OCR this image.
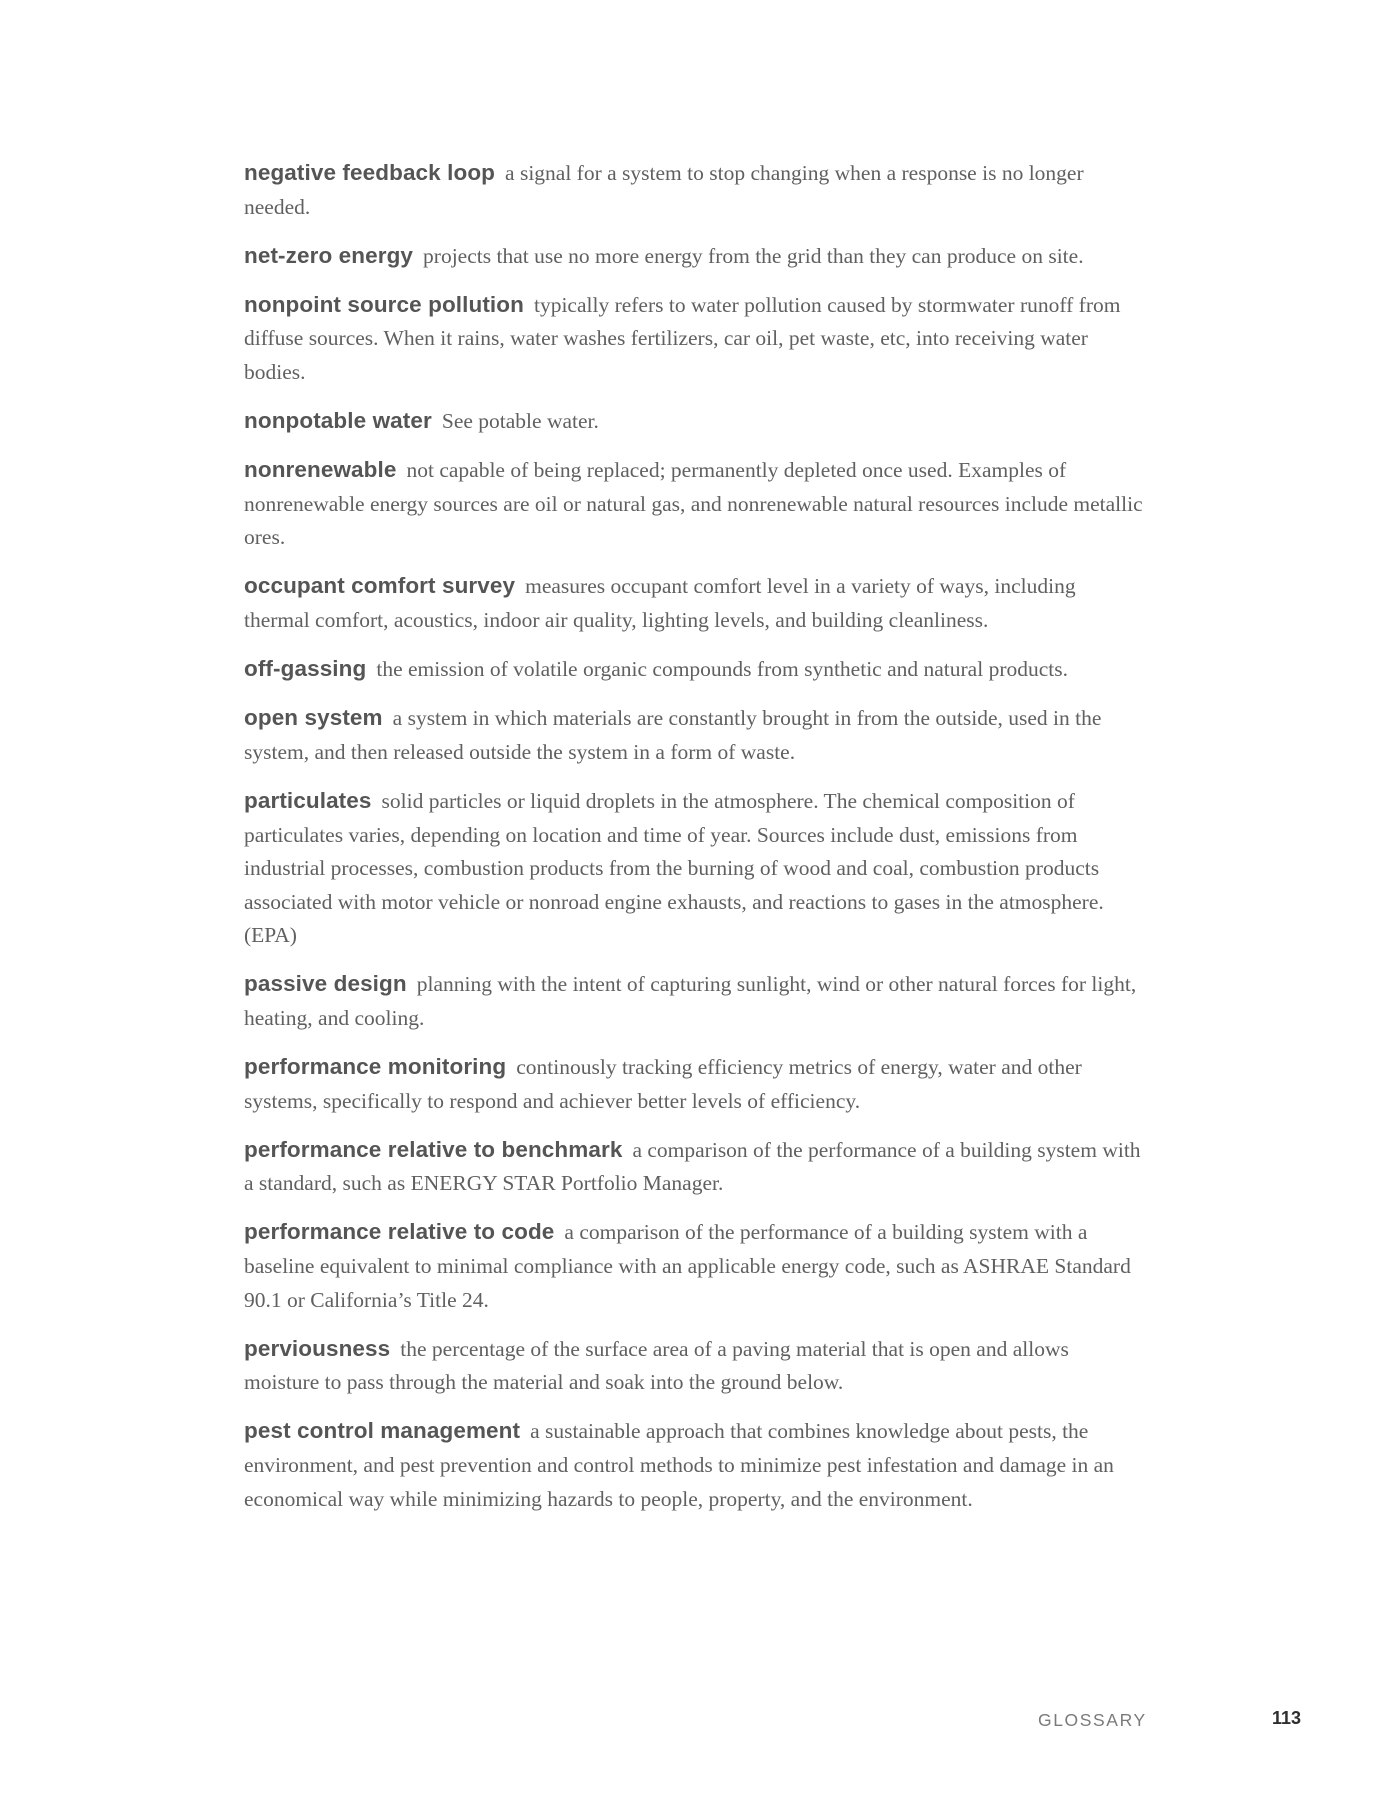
negative feedback loop a signal for a system to stop changing when a response is no longer needed.

net-zero energy projects that use no more energy from the grid than they can produce on site.

nonpoint source pollution typically refers to water pollution caused by stormwater runoff from diffuse sources. When it rains, water washes fertilizers, car oil, pet waste, etc, into receiving water bodies.

nonpotable water See potable water.

nonrenewable not capable of being replaced; permanently depleted once used. Examples of nonrenewable energy sources are oil or natural gas, and nonrenewable natural resources include metallic ores.

occupant comfort survey measures occupant comfort level in a variety of ways, including thermal comfort, acoustics, indoor air quality, lighting levels, and building cleanliness.

off-gassing the emission of volatile organic compounds from synthetic and natural products.

open system a system in which materials are constantly brought in from the outside, used in the system, and then released outside the system in a form of waste.

particulates solid particles or liquid droplets in the atmosphere. The chemical composition of particulates varies, depending on location and time of year. Sources include dust, emissions from industrial processes, combustion products from the burning of wood and coal, combustion products associated with motor vehicle or nonroad engine exhausts, and reactions to gases in the atmosphere. (EPA)

passive design planning with the intent of capturing sunlight, wind or other natural forces for light, heating, and cooling.

performance monitoring continously tracking efficiency metrics of energy, water and other systems, specifically to respond and achiever better levels of efficiency.

performance relative to benchmark a comparison of the performance of a building system with a standard, such as ENERGY STAR Portfolio Manager.

performance relative to code a comparison of the performance of a building system with a baseline equivalent to minimal compliance with an applicable energy code, such as ASHRAE Standard 90.1 or California’s Title 24.

perviousness the percentage of the surface area of a paving material that is open and allows moisture to pass through the material and soak into the ground below.

pest control management a sustainable approach that combines knowledge about pests, the environment, and pest prevention and control methods to minimize pest infestation and damage in an economical way while minimizing hazards to people, property, and the environment.

GLOSSARY	113
